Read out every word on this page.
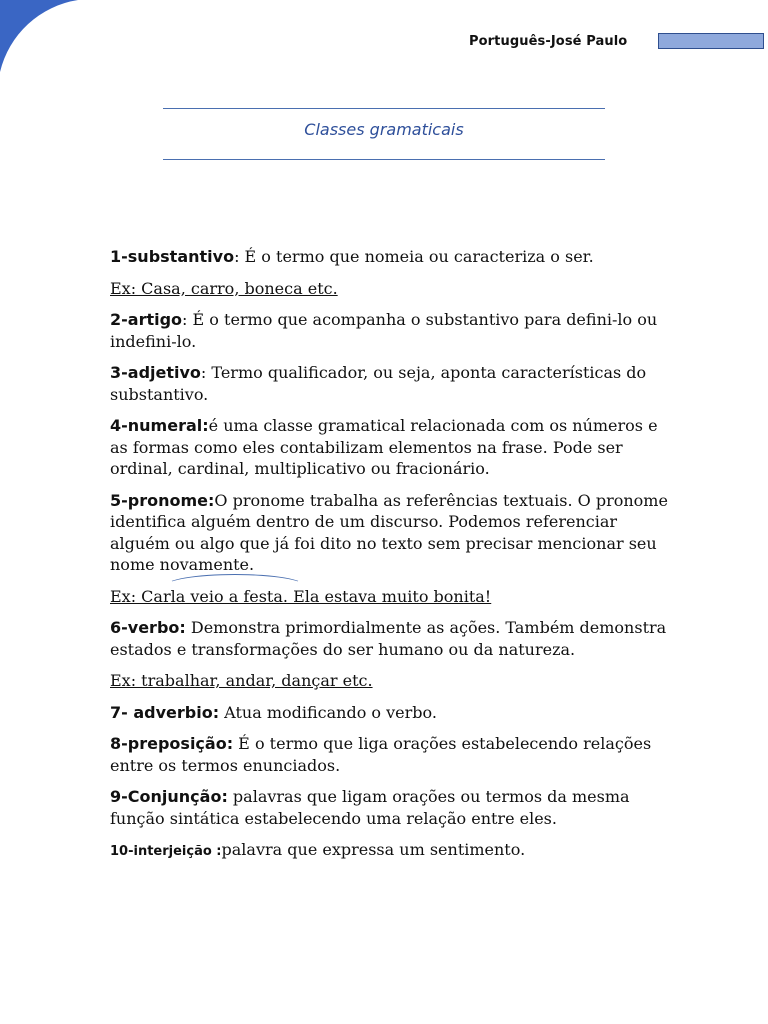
Português-José Paulo
Classes gramaticais

1-substantivo: É o termo que nomeia ou caracteriza o ser.

Ex: Casa, carro, boneca etc.

2-artigo: É o termo que acompanha o substantivo para defini-lo ou indefini-lo.

3-adjetivo: Termo qualificador, ou seja, aponta características do substantivo.

4-numeral:é uma classe gramatical relacionada com os números e as formas como eles contabilizam elementos na frase. Pode ser ordinal, cardinal, multiplicativo ou fracionário.

5-pronome:O pronome trabalha as referências textuais. O pronome identifica alguém dentro de um discurso. Podemos referenciar alguém ou algo que já foi dito no texto sem precisar mencionar seu nome novamente.

Ex: Carla veio a festa. Ela estava muito bonita!

6-verbo: Demonstra primordialmente as ações. Também demonstra estados e transformações do ser humano ou da natureza.

Ex: trabalhar, andar, dançar etc.

7- adverbio: Atua modificando o verbo.

8-preposição: É o termo que liga orações estabelecendo relações entre os termos enunciados.

9-Conjunção: palavras que ligam orações ou termos da mesma função sintática estabelecendo uma relação entre eles.

10-interjeição :palavra que expressa um sentimento.
